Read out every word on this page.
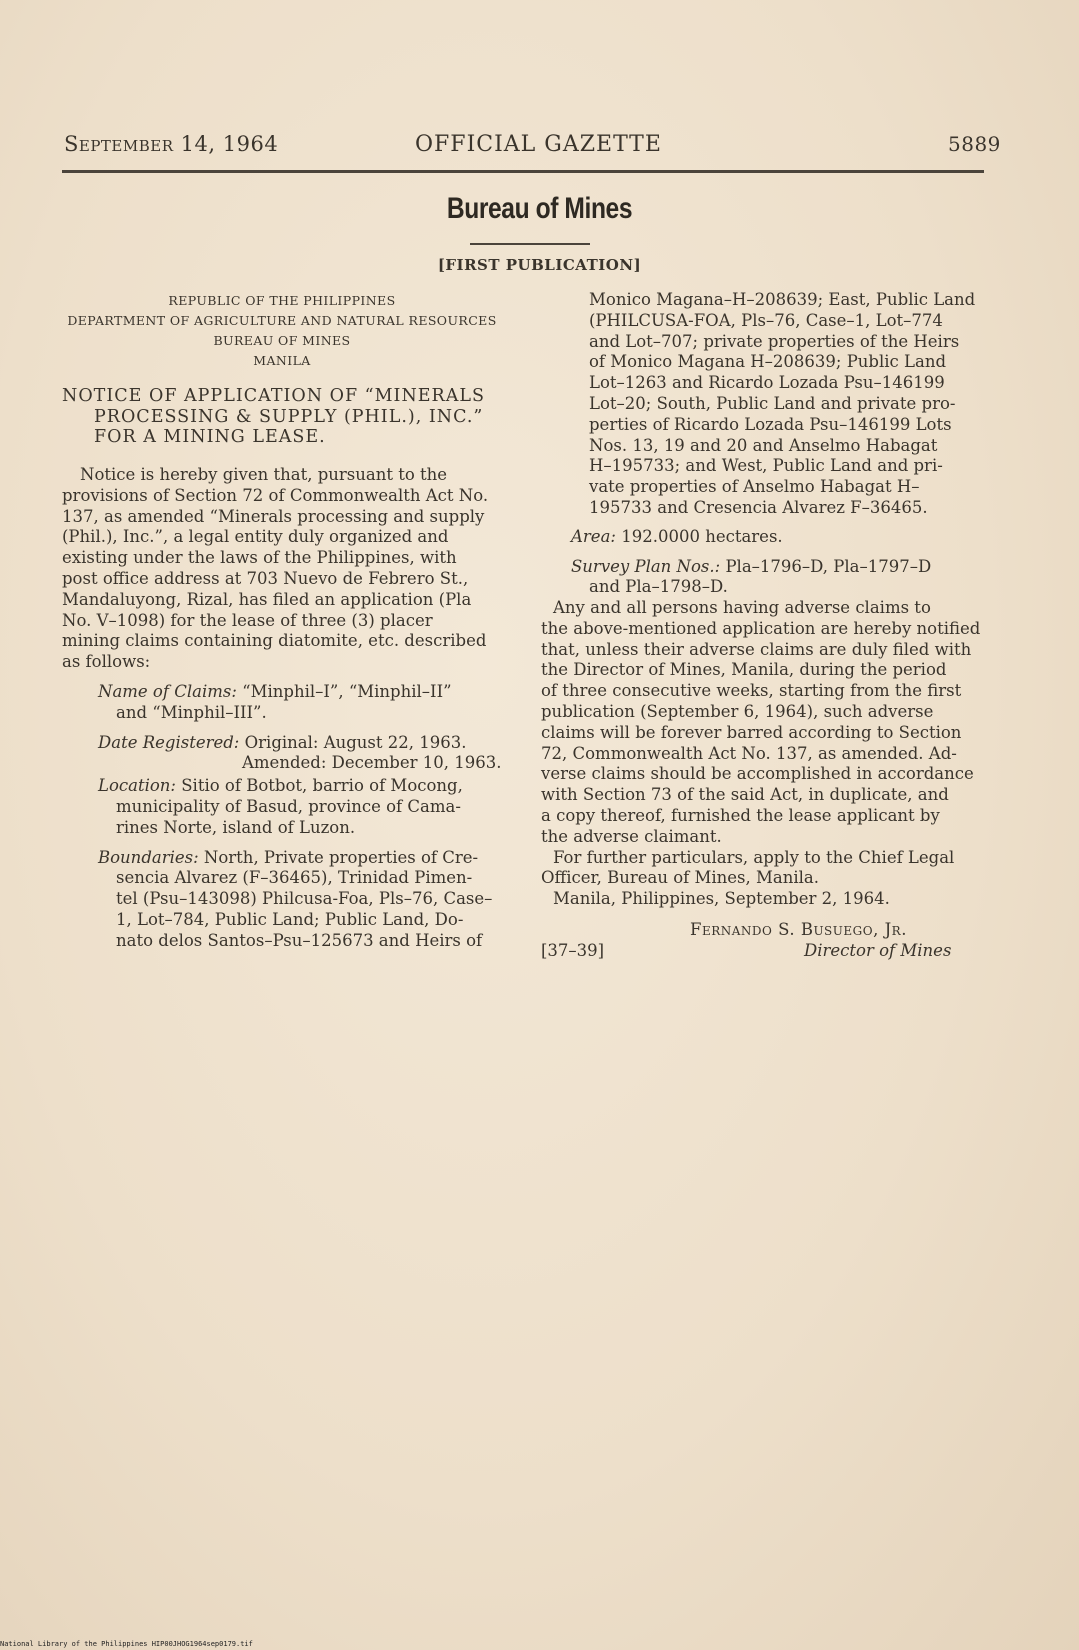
September 14, 1964	OFFICIAL GAZETTE	5889
Bureau of Mines
[FIRST PUBLICATION]
REPUBLIC OF THE PHILIPPINES
DEPARTMENT OF AGRICULTURE AND NATURAL RESOURCES
BUREAU OF MINES
MANILA
NOTICE OF APPLICATION OF “MINERALS
PROCESSING & SUPPLY (PHIL.), INC.”
FOR A MINING LEASE.
Notice is hereby given that, pursuant to the
provisions of Section 72 of Commonwealth Act No.
137, as amended “Minerals processing and supply
(Phil.), Inc.”, a legal entity duly organized and
existing under the laws of the Philippines, with
post office address at 703 Nuevo de Febrero St.,
Mandaluyong, Rizal, has filed an application (Pla
No. V–1098) for the lease of three (3) placer
mining claims containing diatomite, etc. described
as follows:
Name of Claims: “Minphil–I”, “Minphil–II”
and “Minphil–III”.
Date Registered: Original: August 22, 1963.
Amended: December 10, 1963.
Location: Sitio of Botbot, barrio of Mocong,
municipality of Basud, province of Cama-
rines Norte, island of Luzon.
Boundaries: North, Private properties of Cre-
sencia Alvarez (F–36465), Trinidad Pimen-
tel (Psu–143098) Philcusa-Foa, Pls–76, Case–
1, Lot–784, Public Land; Public Land, Do-
nato delos Santos–Psu–125673 and Heirs of
Monico Magana–H–208639; East, Public Land
(PHILCUSA-FOA, Pls–76, Case–1, Lot–774
and Lot–707; private properties of the Heirs
of Monico Magana H–208639; Public Land
Lot–1263 and Ricardo Lozada Psu–146199
Lot–20; South, Public Land and private pro-
perties of Ricardo Lozada Psu–146199 Lots
Nos. 13, 19 and 20 and Anselmo Habagat
H–195733; and West, Public Land and pri-
vate properties of Anselmo Habagat H–
195733 and Cresencia Alvarez F–36465.
Area: 192.0000 hectares.
Survey Plan Nos.: Pla–1796–D, Pla–1797–D
and Pla–1798–D.
Any and all persons having adverse claims to
the above-mentioned application are hereby notified
that, unless their adverse claims are duly filed with
the Director of Mines, Manila, during the period
of three consecutive weeks, starting from the first
publication (September 6, 1964), such adverse
claims will be forever barred according to Section
72, Commonwealth Act No. 137, as amended. Ad-
verse claims should be accomplished in accordance
with Section 73 of the said Act, in duplicate, and
a copy thereof, furnished the lease applicant by
the adverse claimant.
For further particulars, apply to the Chief Legal
Officer, Bureau of Mines, Manila.
Manila, Philippines, September 2, 1964.
Fernando S. Busuego, Jr.
[37–39]	Director of Mines
National Library of the Philippines HIP00JHOG1964sep0179.tif
